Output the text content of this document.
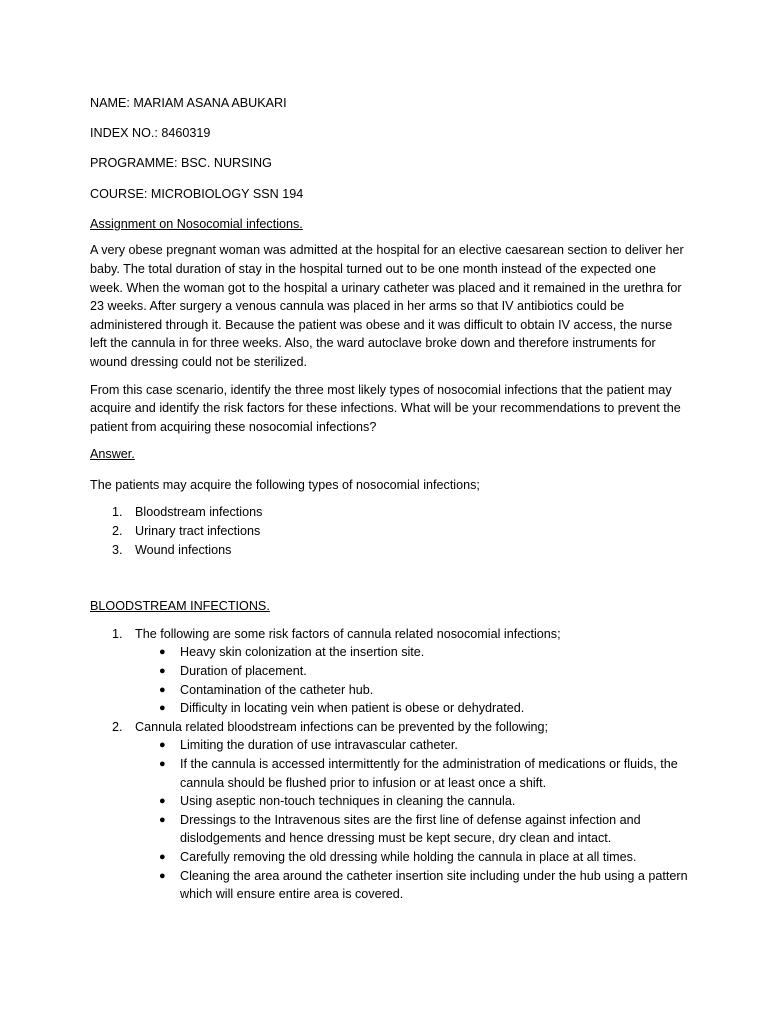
NAME: MARIAM ASANA ABUKARI
INDEX NO.: 8460319
PROGRAMME: BSC. NURSING
COURSE: MICROBIOLOGY SSN 194
Assignment on Nosocomial infections.

A very obese pregnant woman was admitted at the hospital for an elective caesarean section to deliver her baby. The total duration of stay in the hospital turned out to be one month instead of the expected one week. When the woman got to the hospital a urinary catheter was placed and it remained in the urethra for 23 weeks. After surgery a venous cannula was placed in her arms so that IV antibiotics could be administered through it. Because the patient was obese and it was difficult to obtain IV access, the nurse left the cannula in for three weeks. Also, the ward autoclave broke down and therefore instruments for wound dressing could not be sterilized.

From this case scenario, identify the three most likely types of nosocomial infections that the patient may acquire and identify the risk factors for these infections. What will be your recommendations to prevent the patient from acquiring these nosocomial infections?

Answer.
The patients may acquire the following types of nosocomial infections;
1. Bloodstream infections
2. Urinary tract infections
3. Wound infections
BLOODSTREAM INFECTIONS.
1. The following are some risk factors of cannula related nosocomial infections;
● Heavy skin colonization at the insertion site.
● Duration of placement.
● Contamination of the catheter hub.
● Difficulty in locating vein when patient is obese or dehydrated.
2. Cannula related bloodstream infections can be prevented by the following;
● Limiting the duration of use intravascular catheter.
● If the cannula is accessed intermittently for the administration of medications or fluids, the cannula should be flushed prior to infusion or at least once a shift.
● Using aseptic non-touch techniques in cleaning the cannula.
● Dressings to the Intravenous sites are the first line of defense against infection and dislodgements and hence dressing must be kept secure, dry clean and intact.
● Carefully removing the old dressing while holding the cannula in place at all times.
● Cleaning the area around the catheter insertion site including under the hub using a pattern which will ensure entire area is covered.
